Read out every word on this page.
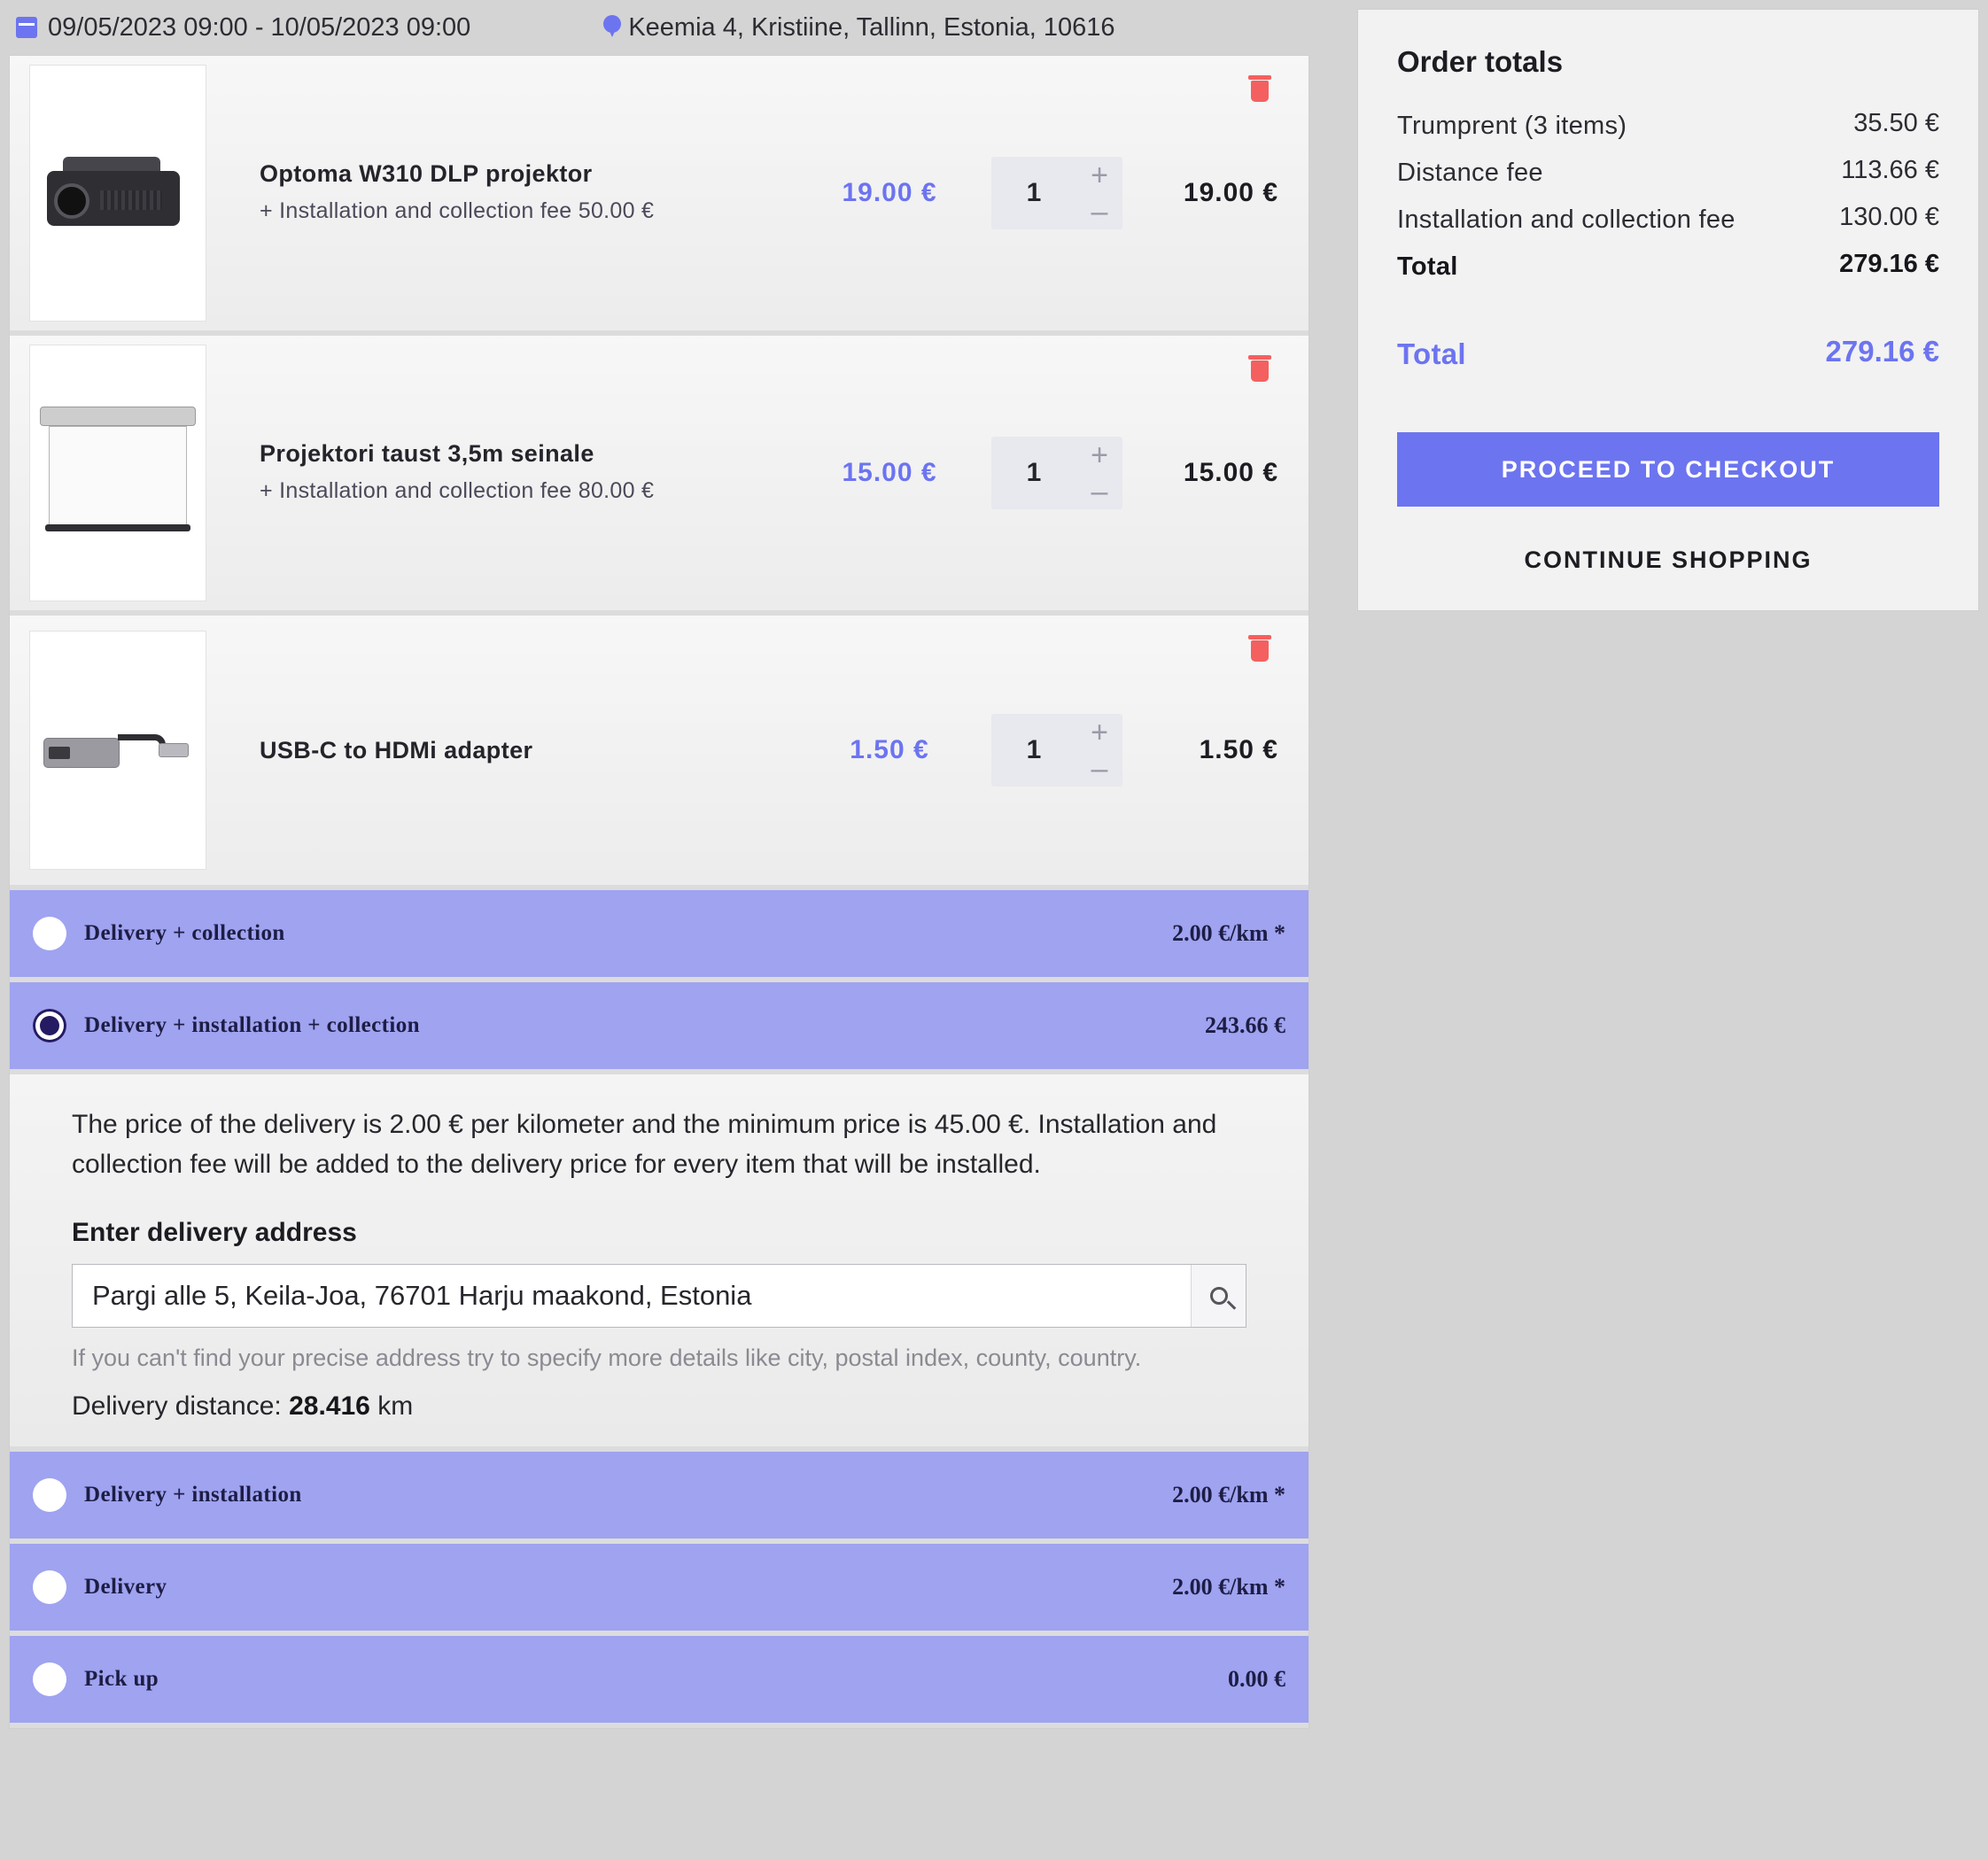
09/05/2023 09:00 - 10/05/2023 09:00	Keemia 4, Kristiine, Tallinn, Estonia, 10616
Optoma W310 DLP projektor
+ Installation and collection fee 50.00 €
19.00 €	1
+
–
19.00 €
Projektori taust 3,5m seinale
+ Installation and collection fee 80.00 €
15.00 €	1
+
–
15.00 €
USB-C to HDMi adapter	1.50 €	1
+
–
1.50 €
Delivery + collection	2.00 €/km *
Delivery + installation + collection	243.66 €

The price of the delivery is 2.00 € per kilometer and the minimum price is 45.00 €. Installation and collection fee will be added to the delivery price for every item that will be installed.

Enter delivery address
Pargi alle 5, Keila-Joa, 76701 Harju maakond, Estonia

If you can't find your precise address try to specify more details like city, postal index, county, country.

Delivery distance: 28.416 km

Delivery + installation	2.00 €/km *
Delivery	2.00 €/km *
Pick up	0.00 €
Order totals
Trumprent (3 items)	35.50 €
Distance fee	113.66 €
Installation and collection fee	130.00 €
Total	279.16 €
Total	279.16 €
PROCEED TO CHECKOUT CONTINUE SHOPPING
